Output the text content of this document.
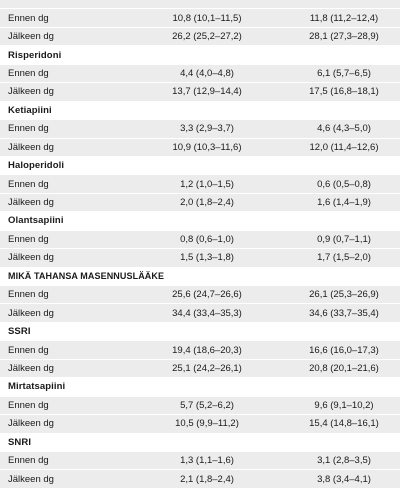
Ennen dg	10,8 (10,1–11,5)	11,8 (11,2–12,4)
Jälkeen dg	26,2 (25,2–27,2)	28,1 (27,3–28,9)
Risperidoni
Ennen dg	4,4 (4,0–4,8)	6,1 (5,7–6,5)
Jälkeen dg	13,7 (12,9–14,4)	17,5 (16,8–18,1)
Ketiapiini
Ennen dg	3,3 (2,9–3,7)	4,6 (4,3–5,0)
Jälkeen dg	10,9 (10,3–11,6)	12,0 (11,4–12,6)
Haloperidoli
Ennen dg	1,2 (1,0–1,5)	0,6 (0,5–0,8)
Jälkeen dg	2,0 (1,8–2,4)	1,6 (1,4–1,9)
Olantsapiini
Ennen dg	0,8 (0,6–1,0)	0,9 (0,7–1,1)
Jälkeen dg	1,5 (1,3–1,8)	1,7 (1,5–2,0)
MIKÄ TAHANSA MASENNUSLÄÄKE
Ennen dg	25,6 (24,7–26,6)	26,1 (25,3–26,9)
Jälkeen dg	34,4 (33,4–35,3)	34,6 (33,7–35,4)
SSRI
Ennen dg	19,4 (18,6–20,3)	16,6 (16,0–17,3)
Jälkeen dg	25,1 (24,2–26,1)	20,8 (20,1–21,6)
Mirtatsapiini
Ennen dg	5,7 (5,2–6,2)	9,6 (9,1–10,2)
Jälkeen dg	10,5 (9,9–11,2)	15,4 (14,8–16,1)
SNRI
Ennen dg	1,3 (1,1–1,6)	3,1 (2,8–3,5)
Jälkeen dg	2,1 (1,8–2,4)	3,8 (3,4–4,1)
